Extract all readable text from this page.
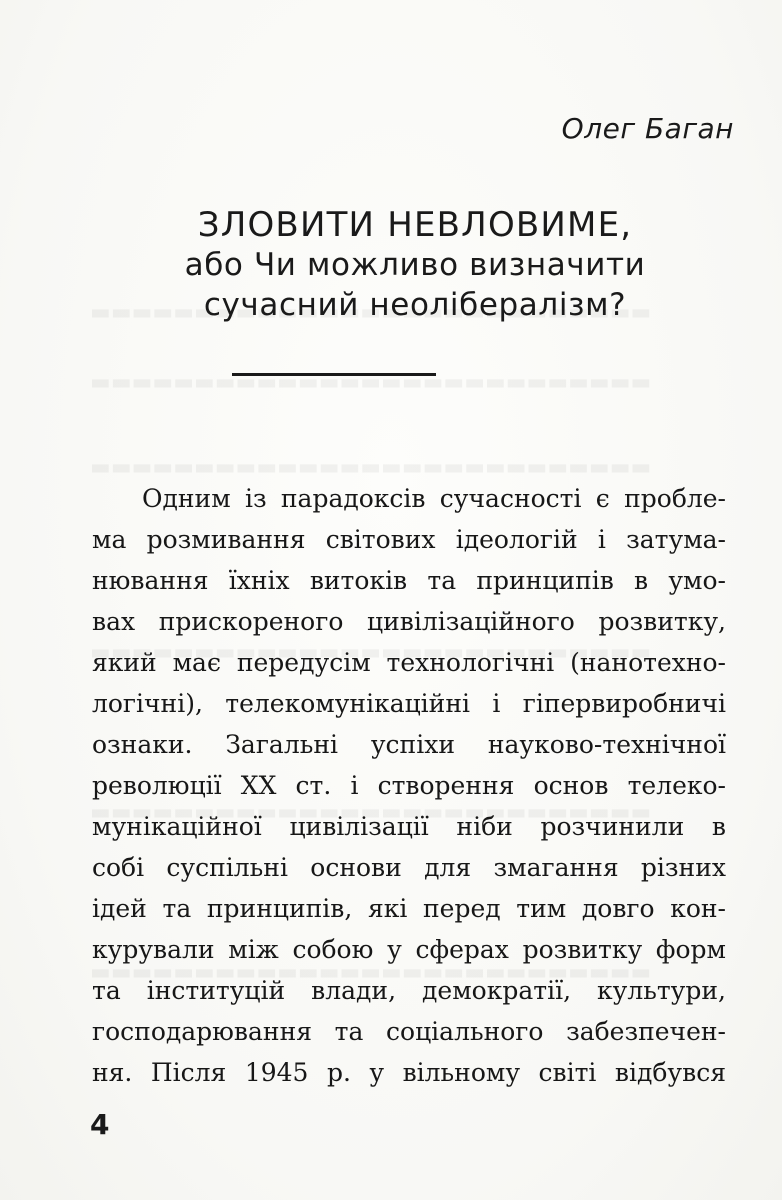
Олег Баган

ЗЛОВИТИ НЕВЛОВИМЕ,

або Чи можливо визначити

сучасний неолібералізм?

Одним із парадоксів сучасності є пробле-
ма розмивання світових ідеологій і затума-
нювання їхніх витоків та принципів в умо-
вах прискореного цивілізаційного розвитку,
який має передусім технологічні (нанотехно-
логічні), телекомунікаційні і гіпервиробничі
ознаки. Загальні успіхи науково-технічної
революції XX ст. і створення основ телеко-
мунікаційної цивілізації ніби розчинили в
собі суспільні основи для змагання різних
ідей та принципів, які перед тим довго кон-
курували між собою у сферах розвитку форм
та інституцій влади, демократії, культури,
господарювання та соціального забезпечен-
ня. Після 1945 р. у вільному світі відбувся
4
